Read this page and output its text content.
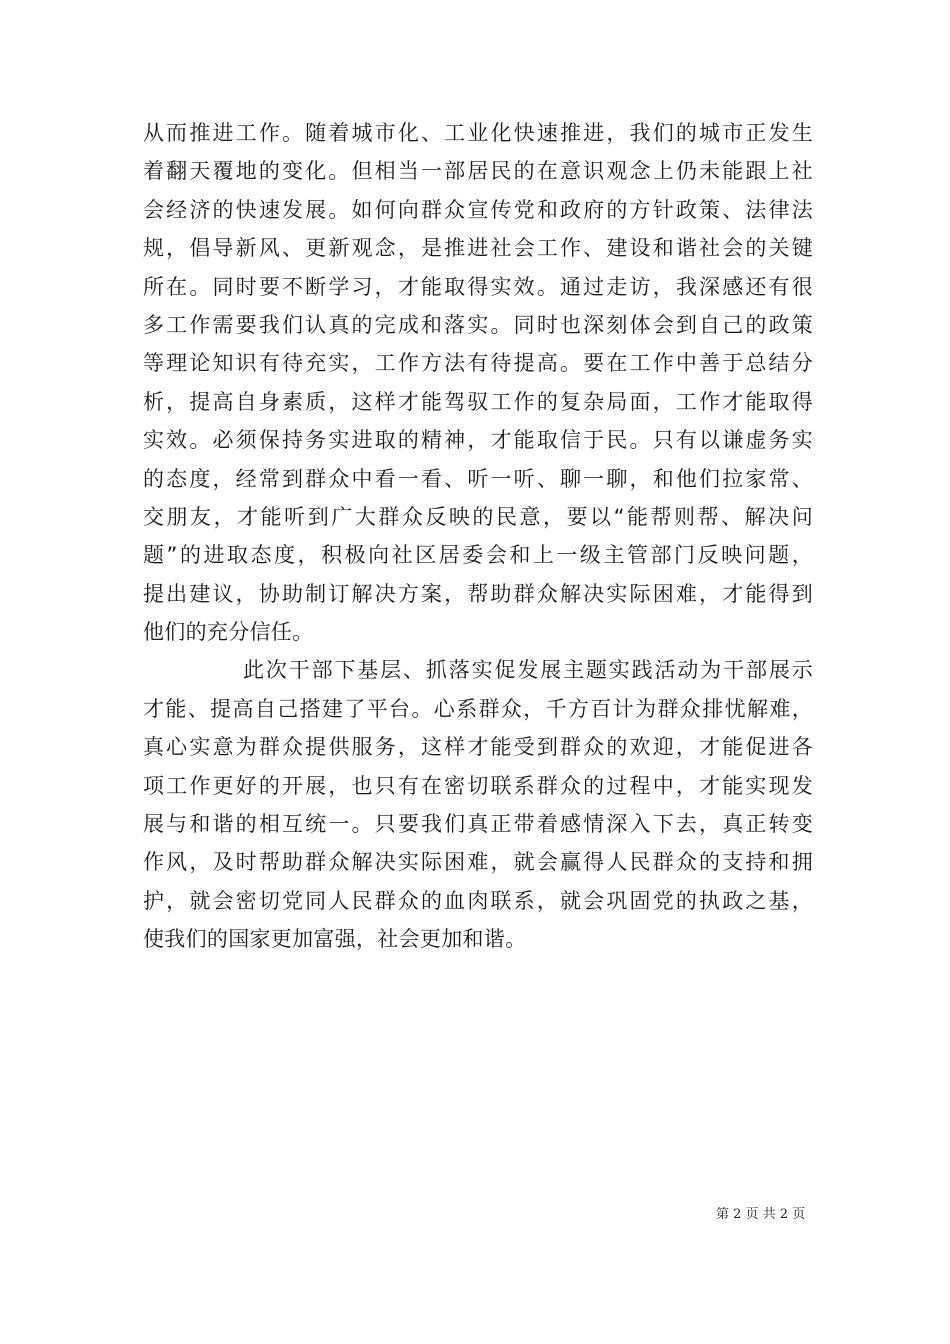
从而推进工作。随着城市化、工业化快速推进，我们的城市正发生
着翻天覆地的变化。但相当一部居民的在意识观念上仍未能跟上社
会经济的快速发展。如何向群众宣传党和政府的方针政策、法律法
规，倡导新风、更新观念，是推进社会工作、建设和谐社会的关键
所在。同时要不断学习，才能取得实效。通过走访，我深感还有很
多工作需要我们认真的完成和落实。同时也深刻体会到自己的政策
等理论知识有待充实，工作方法有待提高。要在工作中善于总结分
析，提高自身素质，这样才能驾驭工作的复杂局面，工作才能取得
实效。必须保持务实进取的精神，才能取信于民。只有以谦虚务实
的态度，经常到群众中看一看、听一听、聊一聊，和他们拉家常、
交朋友，才能听到广大群众反映的民意，要以“能帮则帮、解决问
题”的进取态度，积极向社区居委会和上一级主管部门反映问题，
提出建议，协助制订解决方案，帮助群众解决实际困难，才能得到
他们的充分信任。
此次干部下基层、抓落实促发展主题实践活动为干部展示
才能、提高自己搭建了平台。心系群众，千方百计为群众排忧解难，
真心实意为群众提供服务，这样才能受到群众的欢迎，才能促进各
项工作更好的开展，也只有在密切联系群众的过程中，才能实现发
展与和谐的相互统一。只要我们真正带着感情深入下去，真正转变
作风，及时帮助群众解决实际困难，就会赢得人民群众的支持和拥
护，就会密切党同人民群众的血肉联系，就会巩固党的执政之基，
使我们的国家更加富强，社会更加和谐。
第 2 页 共 2 页
